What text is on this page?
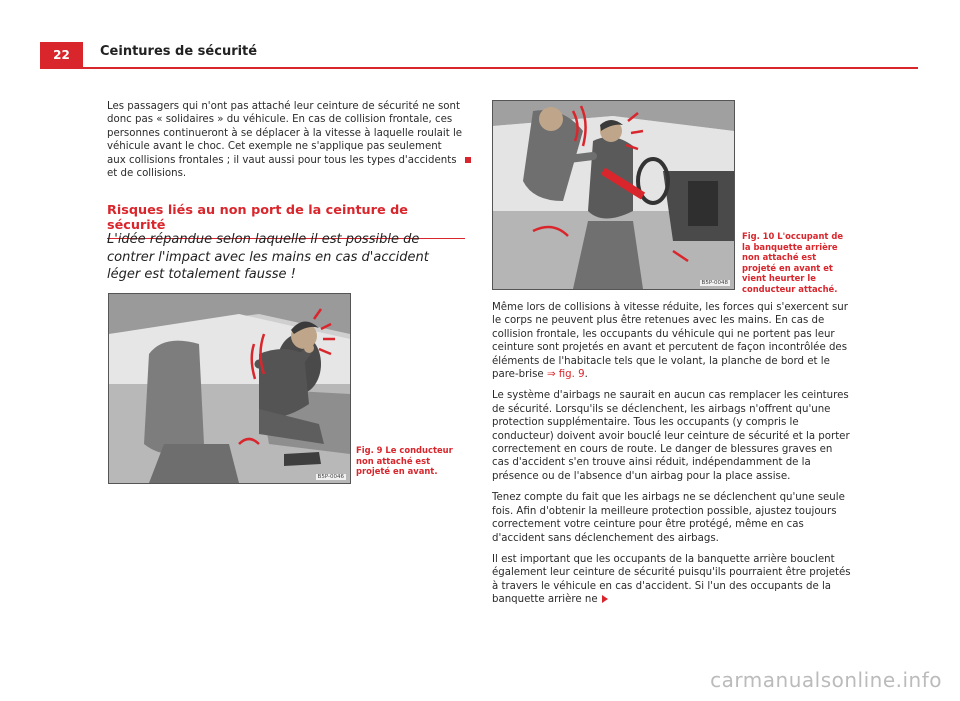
22	Ceintures de sécurité

Les passagers qui n'ont pas attaché leur ceinture de sécurité ne sont donc pas « solidaires » du véhicule. En cas de collision frontale, ces personnes continueront à se déplacer à la vitesse à laquelle roulait le véhicule avant le choc. Cet exemple ne s'applique pas seulement aux collisions frontales ; il vaut aussi pour tous les types d'accidents et de collisions.

Risques liés au non port de la ceinture de sécurité
L'idée répandue selon laquelle il est possible de contrer l'impact avec les mains en cas d'accident léger est totalement fausse !
B5P-0046
Fig. 9 Le conducteur non attaché est projeté en avant.
B5P-0048
Fig. 10 L'occupant de la banquette arrière non attaché est projeté en avant et vient heurter le conducteur attaché.

Même lors de collisions à vitesse réduite, les forces qui s'exercent sur le corps ne peuvent plus être retenues avec les mains. En cas de collision frontale, les occupants du véhicule qui ne portent pas leur ceinture sont projetés en avant et percutent de façon incontrôlée des éléments de l'habitacle tels que le volant, la planche de bord et le pare-brise ⇒ fig. 9.

Le système d'airbags ne saurait en aucun cas remplacer les ceintures de sécurité. Lorsqu'ils se déclenchent, les airbags n'offrent qu'une protection supplémentaire. Tous les occupants (y compris le conducteur) doivent avoir bouclé leur ceinture de sécurité et la porter correctement en cours de route. Le danger de blessures graves en cas d'accident s'en trouve ainsi réduit, indépendamment de la présence ou de l'absence d'un airbag pour la place assise.

Tenez compte du fait que les airbags ne se déclenchent qu'une seule fois. Afin d'obtenir la meilleure protection possible, ajustez toujours correctement votre ceinture pour être protégé, même en cas d'accident sans déclenchement des airbags.

Il est important que les occupants de la banquette arrière bouclent également leur ceinture de sécurité puisqu'ils pourraient être projetés à travers le véhicule en cas d'accident. Si l'un des occupants de la banquette arrière ne

carmanualsonline.info
